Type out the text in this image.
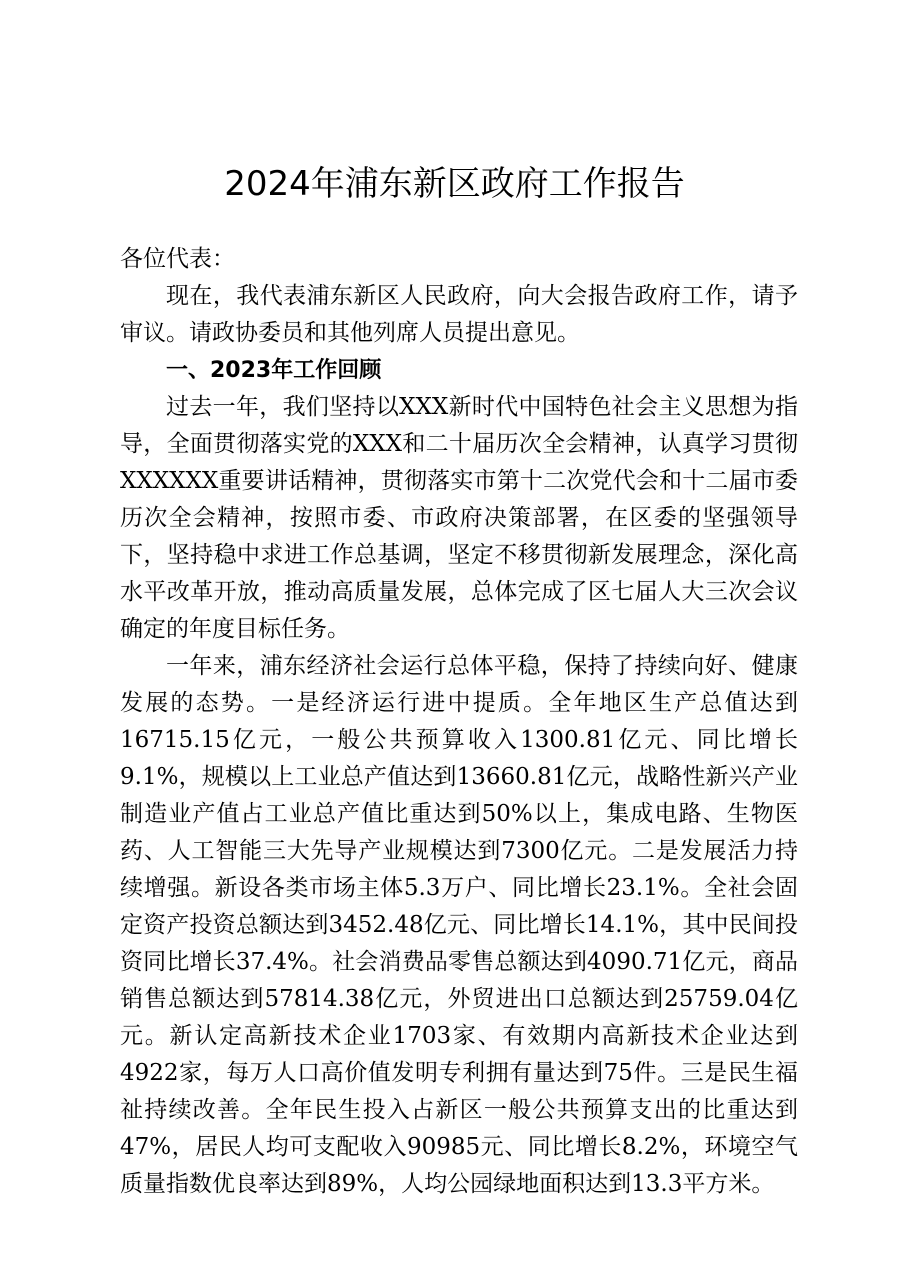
2024年浦东新区政府工作报告

各位代表：

现在，我代表浦东新区人民政府，向大会报告政府工作，请予审议。请政协委员和其他列席人员提出意见。

一、2023年工作回顾

过去一年，我们坚持以XXX新时代中国特色社会主义思想为指导，全面贯彻落实党的XXX和二十届历次全会精神，认真学习贯彻XXXXXX重要讲话精神，贯彻落实市第十二次党代会和十二届市委历次全会精神，按照市委、市政府决策部署，在区委的坚强领导下，坚持稳中求进工作总基调，坚定不移贯彻新发展理念，深化高水平改革开放，推动高质量发展，总体完成了区七届人大三次会议确定的年度目标任务。

一年来，浦东经济社会运行总体平稳，保持了持续向好、健康发展的态势。一是经济运行进中提质。全年地区生产总值达到16715.15亿元，一般公共预算收入1300.81亿元、同比增长9.1%，规模以上工业总产值达到13660.81亿元，战略性新兴产业制造业产值占工业总产值比重达到50%以上，集成电路、生物医药、人工智能三大先导产业规模达到7300亿元。二是发展活力持续增强。新设各类市场主体5.3万户、同比增长23.1%。全社会固定资产投资总额达到3452.48亿元、同比增长14.1%，其中民间投资同比增长37.4%。社会消费品零售总额达到4090.71亿元，商品销售总额达到57814.38亿元，外贸进出口总额达到25759.04亿元。新认定高新技术企业1703家、有效期内高新技术企业达到4922家，每万人口高价值发明专利拥有量达到75件。三是民生福祉持续改善。全年民生投入占新区一般公共预算支出的比重达到47%，居民人均可支配收入90985元、同比增长8.2%，环境空气质量指数优良率达到89%，人均公园绿地面积达到13.3平方米。
